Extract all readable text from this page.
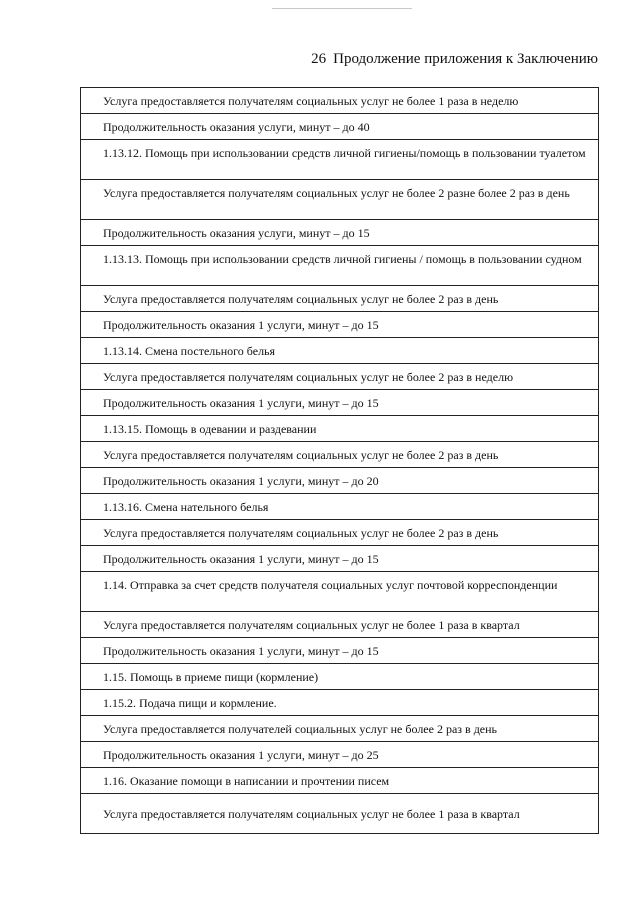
26 Продолжение приложения к Заключению
Услуга предоставляется получателям социальных услуг не более 1 раза в неделю
Продолжительность оказания услуги, минут – до 40
1.13.12. Помощь при использовании средств личной гигиены/помощь в пользовании туалетом
Услуга предоставляется получателям социальных услуг не более 2 разне более 2 раз в день
Продолжительность оказания услуги, минут – до 15
1.13.13. Помощь при использовании средств личной гигиены / помощь в пользовании судном
Услуга предоставляется получателям социальных услуг не более 2 раз в день
Продолжительность оказания 1 услуги, минут – до 15
1.13.14. Смена постельного белья
Услуга предоставляется получателям социальных услуг не более 2 раз в неделю
Продолжительность оказания 1 услуги, минут – до 15
1.13.15. Помощь в одевании и раздевании
Услуга предоставляется получателям социальных услуг не более 2 раз в день
Продолжительность оказания 1 услуги, минут – до 20
1.13.16. Смена нательного белья
Услуга предоставляется получателям социальных услуг не более 2 раз в день
Продолжительность оказания 1 услуги, минут – до 15
1.14. Отправка за счет средств получателя социальных услуг почтовой корреспонденции
Услуга предоставляется получателям социальных услуг не более 1 раза в квартал
Продолжительность оказания 1 услуги, минут – до 15
1.15. Помощь в приеме пищи (кормление)
1.15.2. Подача пищи и кормление.
Услуга предоставляется получателей социальных услуг не более 2 раз в день
Продолжительность оказания 1 услуги, минут – до 25
1.16. Оказание помощи в написании и прочтении писем
Услуга предоставляется получателям социальных услуг не более 1 раза в квартал
